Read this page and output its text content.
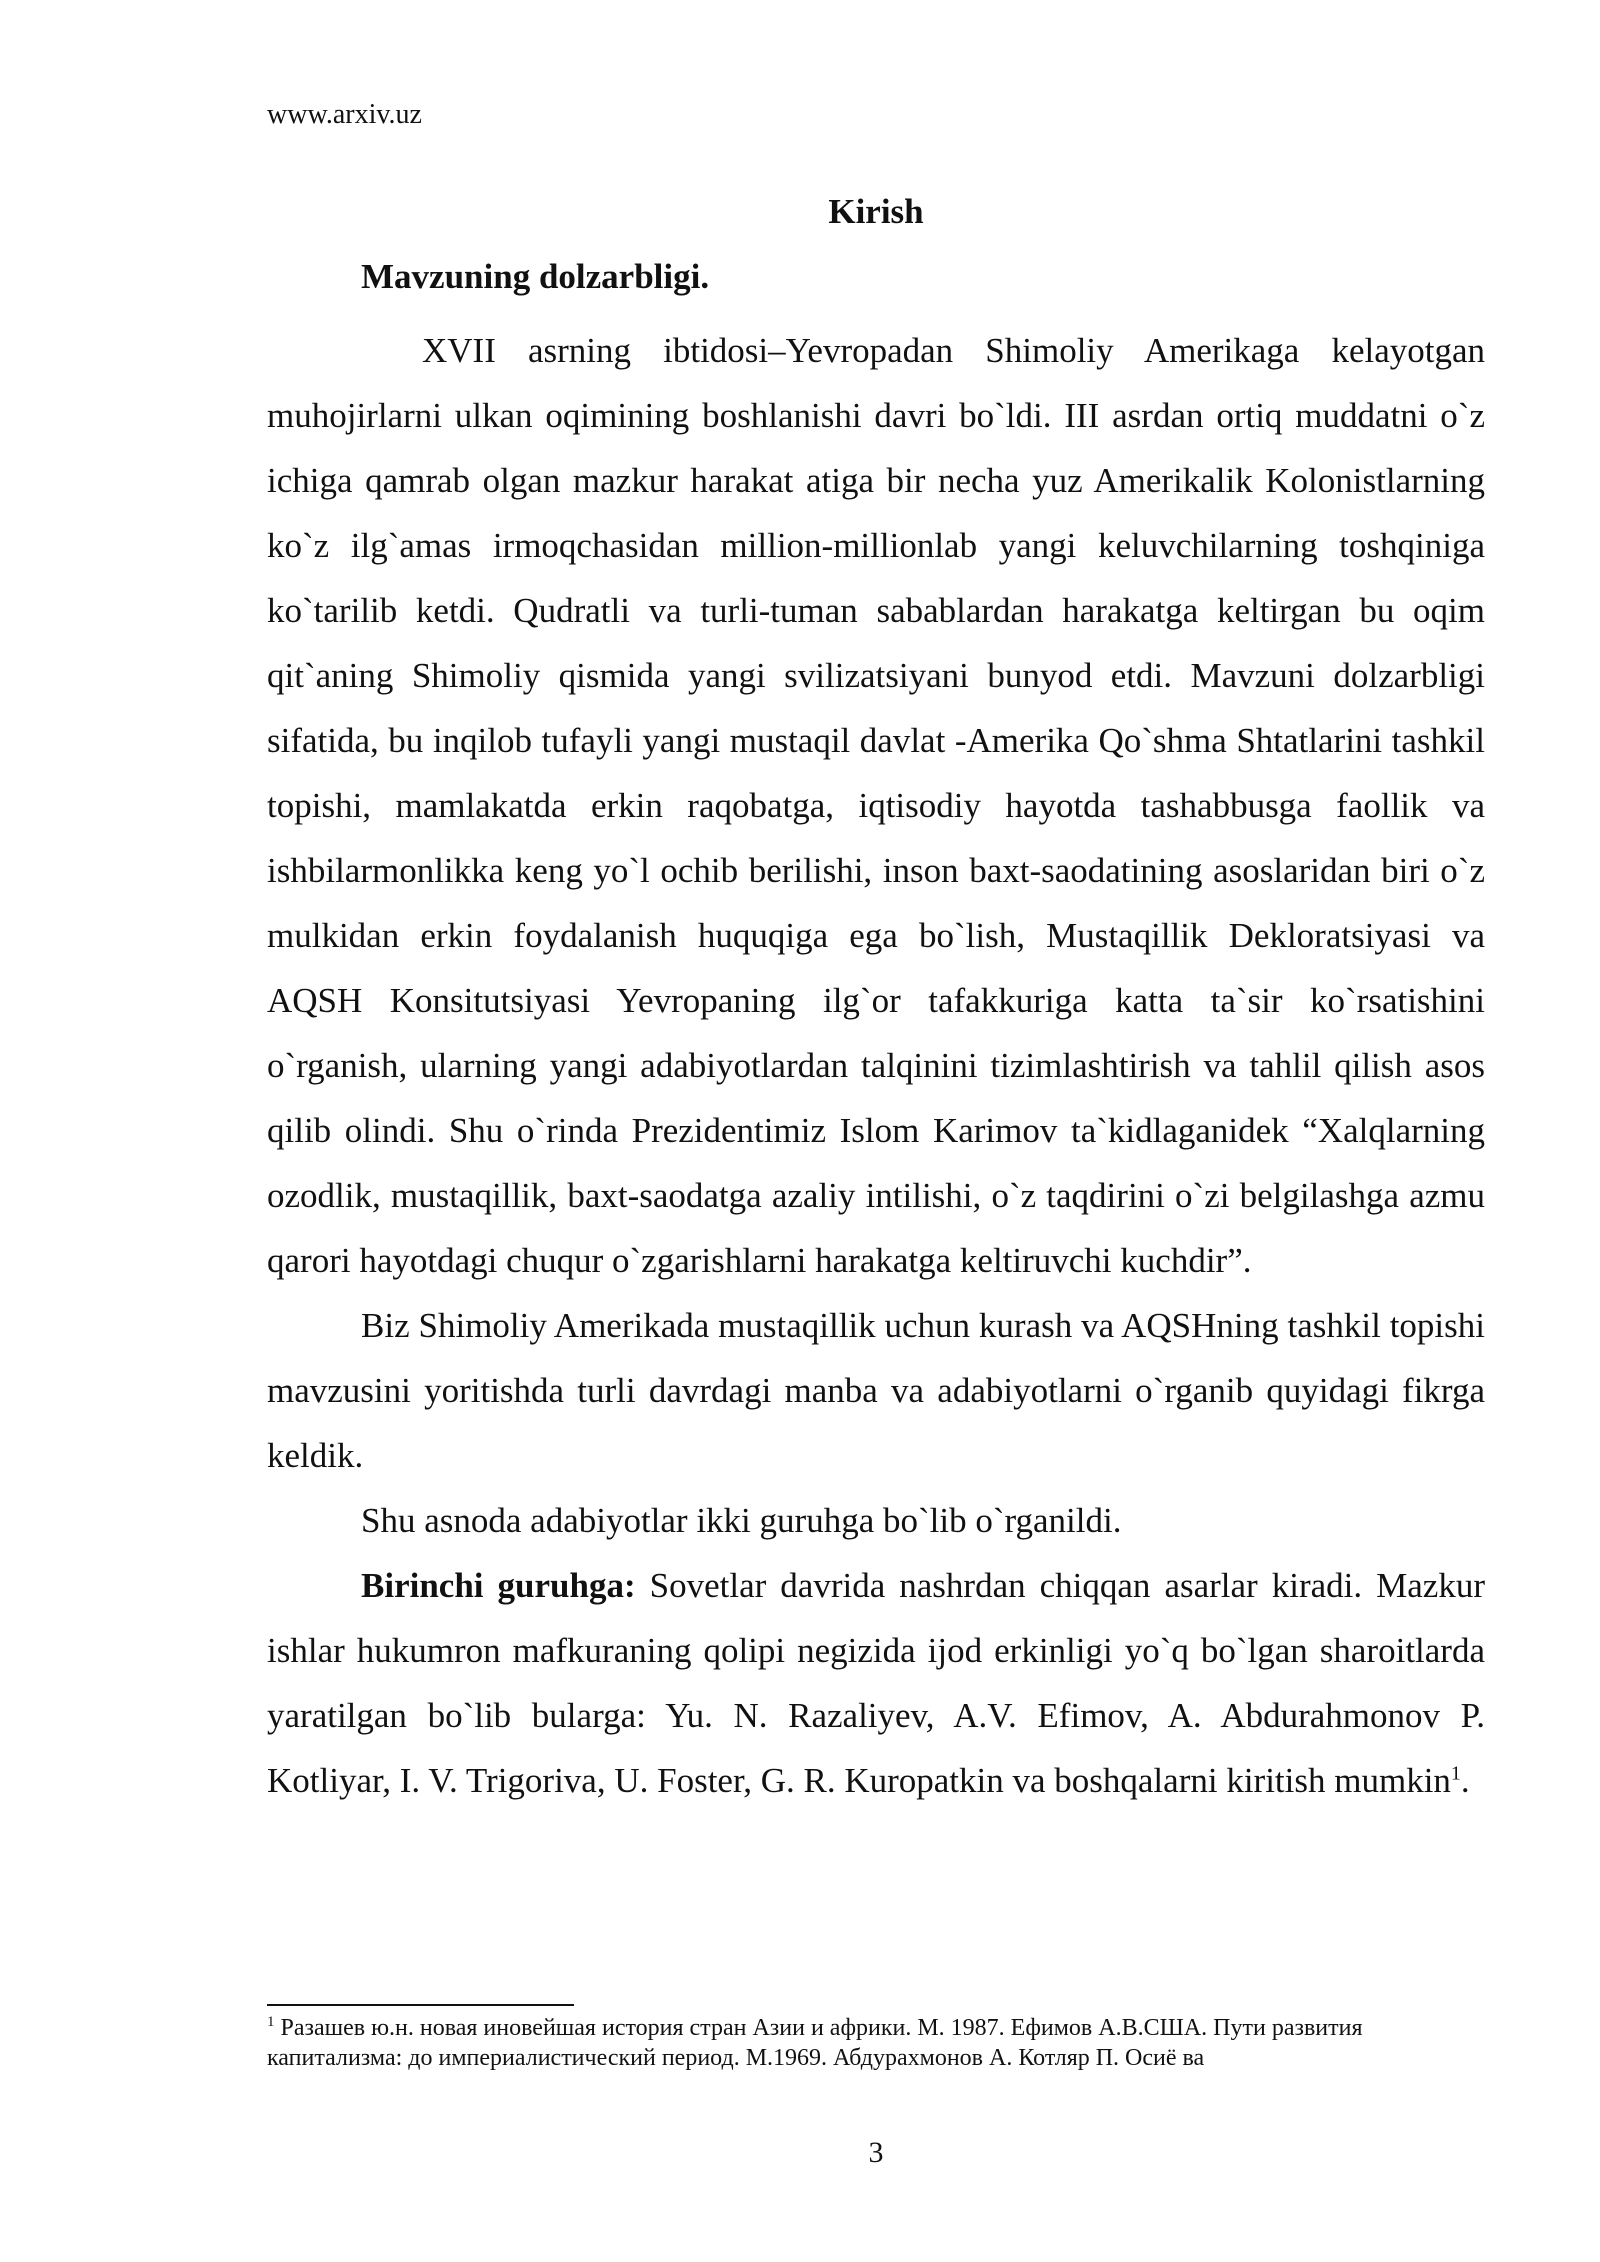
www.arxiv.uz
Kirish
Mavzuning dolzarbligi.

XVII asrning ibtidosi–Yevropadan Shimoliy Amerikaga kelayotgan muhojirlarni ulkan oqimining boshlanishi davri bo`ldi. III asrdan ortiq muddatni o`z ichiga qamrab olgan mazkur harakat atiga bir necha yuz Amerikalik Kolonistlarning ko`z ilg`amas irmoqchasidan million-millionlab yangi keluvchilarning toshqiniga ko`tarilib ketdi. Qudratli va turli-tuman sabablardan harakatga keltirgan bu oqim qit`aning Shimoliy qismida yangi svilizatsiyani bunyod etdi. Mavzuni dolzarbligi sifatida, bu inqilob tufayli yangi mustaqil davlat -Amerika Qo`shma Shtatlarini tashkil topishi, mamlakatda erkin raqobatga, iqtisodiy hayotda tashabbusga faollik va ishbilarmonlikka keng yo`l ochib berilishi, inson baxt-saodatining asoslaridan biri o`z mulkidan erkin foydalanish huquqiga ega bo`lish, Mustaqillik Dekloratsiyasi va AQSH Konsitutsiyasi Yevropaning ilg`or tafakkuriga katta ta`sir ko`rsatishini o`rganish, ularning yangi adabiyotlardan talqinini tizimlashtirish va tahlil qilish asos qilib olindi. Shu o`rinda Prezidentimiz Islom Karimov ta`kidlaganidek “Xalqlarning ozodlik, mustaqillik, baxt-saodatga azaliy intilishi, o`z taqdirini o`zi belgilashga azmu qarori hayotdagi chuqur o`zgarishlarni harakatga keltiruvchi kuchdir”.

Biz Shimoliy Amerikada mustaqillik uchun kurash va AQSHning tashkil topishi mavzusini yoritishda turli davrdagi manba va adabiyotlarni o`rganib quyidagi fikrga keldik.

Shu asnoda adabiyotlar ikki guruhga bo`lib o`rganildi.

Birinchi guruhga: Sovetlar davrida nashrdan chiqqan asarlar kiradi. Mazkur ishlar hukumron mafkuraning qolipi negizida ijod erkinligi yo`q bo`lgan sharoitlarda yaratilgan bo`lib bularga: Yu. N. Razaliyev, A.V. Efimov, A. Abdurahmonov P. Kotliyar, I. V. Trigoriva, U. Foster, G. R. Kuropatkin va boshqalarni kiritish mumkin$^1$.

$^1$ Разашев ю.н. новая иновейшая история стран Азии и африки. М. 1987. Ефимов А.В.США. Пути развития капитализма: до империалистический период. М.1969. Абдурахмонов А. Котляр П. Осиё ва
3
